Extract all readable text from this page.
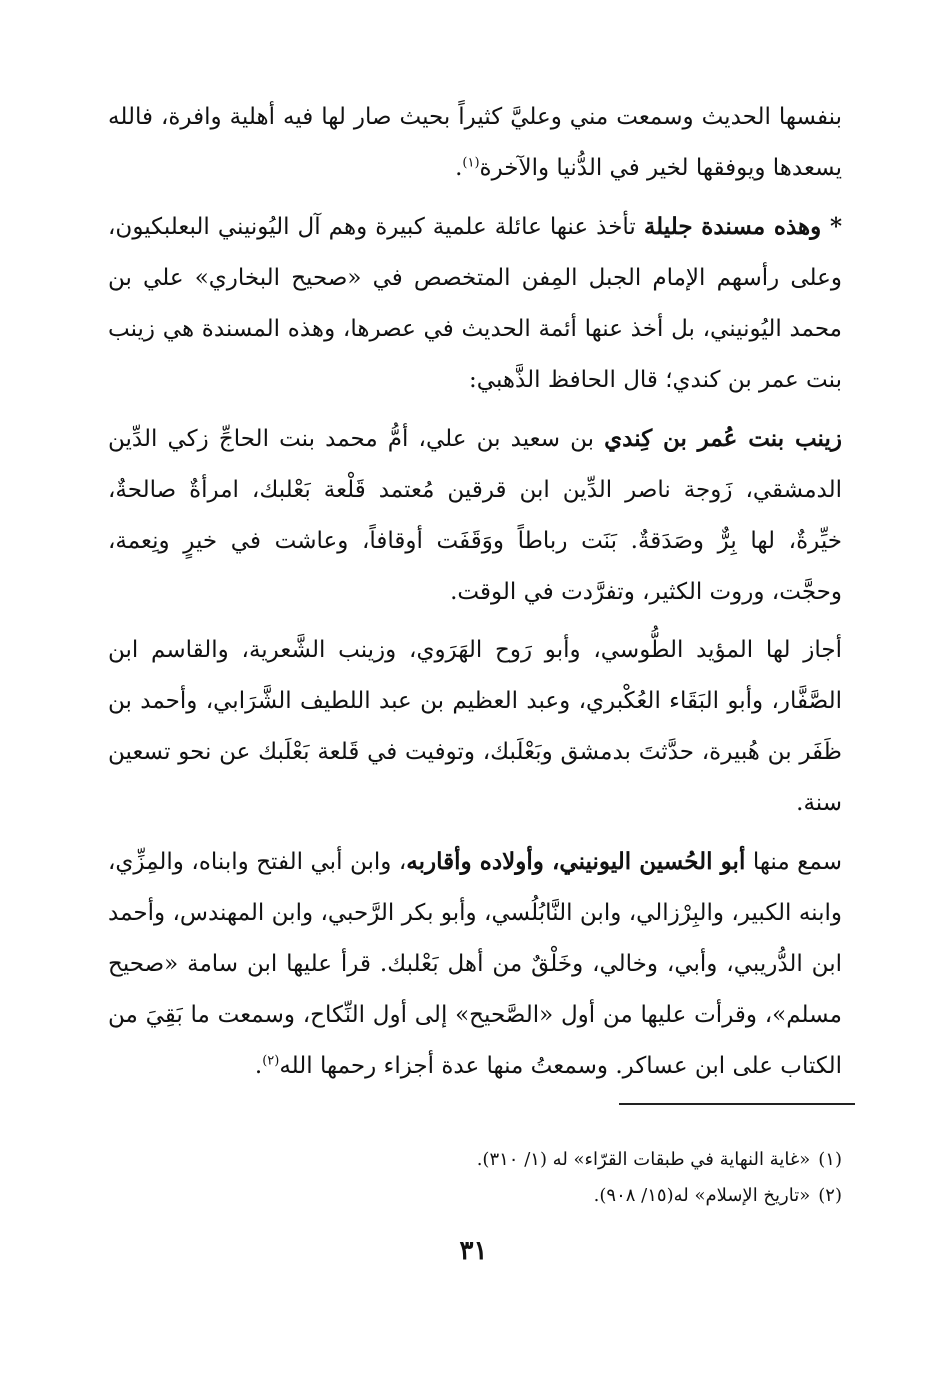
بنفسها الحديث وسمعت مني وعليَّ كثيراً بحيث صار لها فيه أهلية وافرة، فالله يسعدها ويوفقها لخير في الدُّنيا والآخرة$^{(١)}$.

* وهذه مسندة جليلة تأخذ عنها عائلة علمية كبيرة وهم آل اليُونيني البعلبكيون، وعلى رأسهم الإمام الجبل المِفن المتخصص في «صحيح البخاري» علي بن محمد اليُونيني، بل أخذ عنها أئمة الحديث في عصرها، وهذه المسندة هي زينب بنت عمر بن كندي؛ قال الحافظ الذَّهبي:

زينب بنت عُمر بن كِندي بن سعيد بن علي، أمُّ محمد بنت الحاجِّ زكي الدِّين الدمشقي، زَوجة ناصر الدِّين ابن قرقين مُعتمد قَلْعة بَعْلبك، امرأةٌ صالحةٌ، خيِّرةٌ، لها بِرٌّ وصَدَقةٌ. بَنَت رباطاً ووَقَفَت أوقافاً، وعاشت في خيرٍ ونِعمة، وحجَّت، وروت الكثير، وتفرَّدت في الوقت.

أجاز لها المؤيد الطُّوسي، وأبو رَوح الهَرَوي، وزينب الشَّعرية، والقاسم ابن الصَّفَّار، وأبو البَقَاء العُكْبري، وعبد العظيم بن عبد اللطيف الشَّرَابي، وأحمد بن ظَفَر بن هُبيرة، حدَّثتَ بدمشق وبَعْلَبك، وتوفيت في قَلعة بَعْلَبك عن نحو تسعين سنة.

سمع منها أبو الحُسين اليونيني، وأولاده وأقاربه، وابن أبي الفتح وابناه، والمِزِّي، وابنه الكبير، والبِرْزالي، وابن النَّابُلُسي، وأبو بكر الرَّحبي، وابن المهندس، وأحمد ابن الدُّريبي، وأبي، وخالي، وخَلْقٌ من أهل بَعْلبك. قرأ عليها ابن سامة «صحيح مسلم»، وقرأت عليها من أول «الصَّحيح» إلى أول النِّكاح، وسمعت ما بَقِيَ من الكتاب على ابن عساكر. وسمعتُ منها عدة أجزاء رحمها الله$^{(٢)}$.

(١)«غاية النهاية في طبقات القرّاء» له (١/ ٣١٠).

(٢)«تاريخ الإسلام» له(١٥/ ٩٠٨).

٣١
